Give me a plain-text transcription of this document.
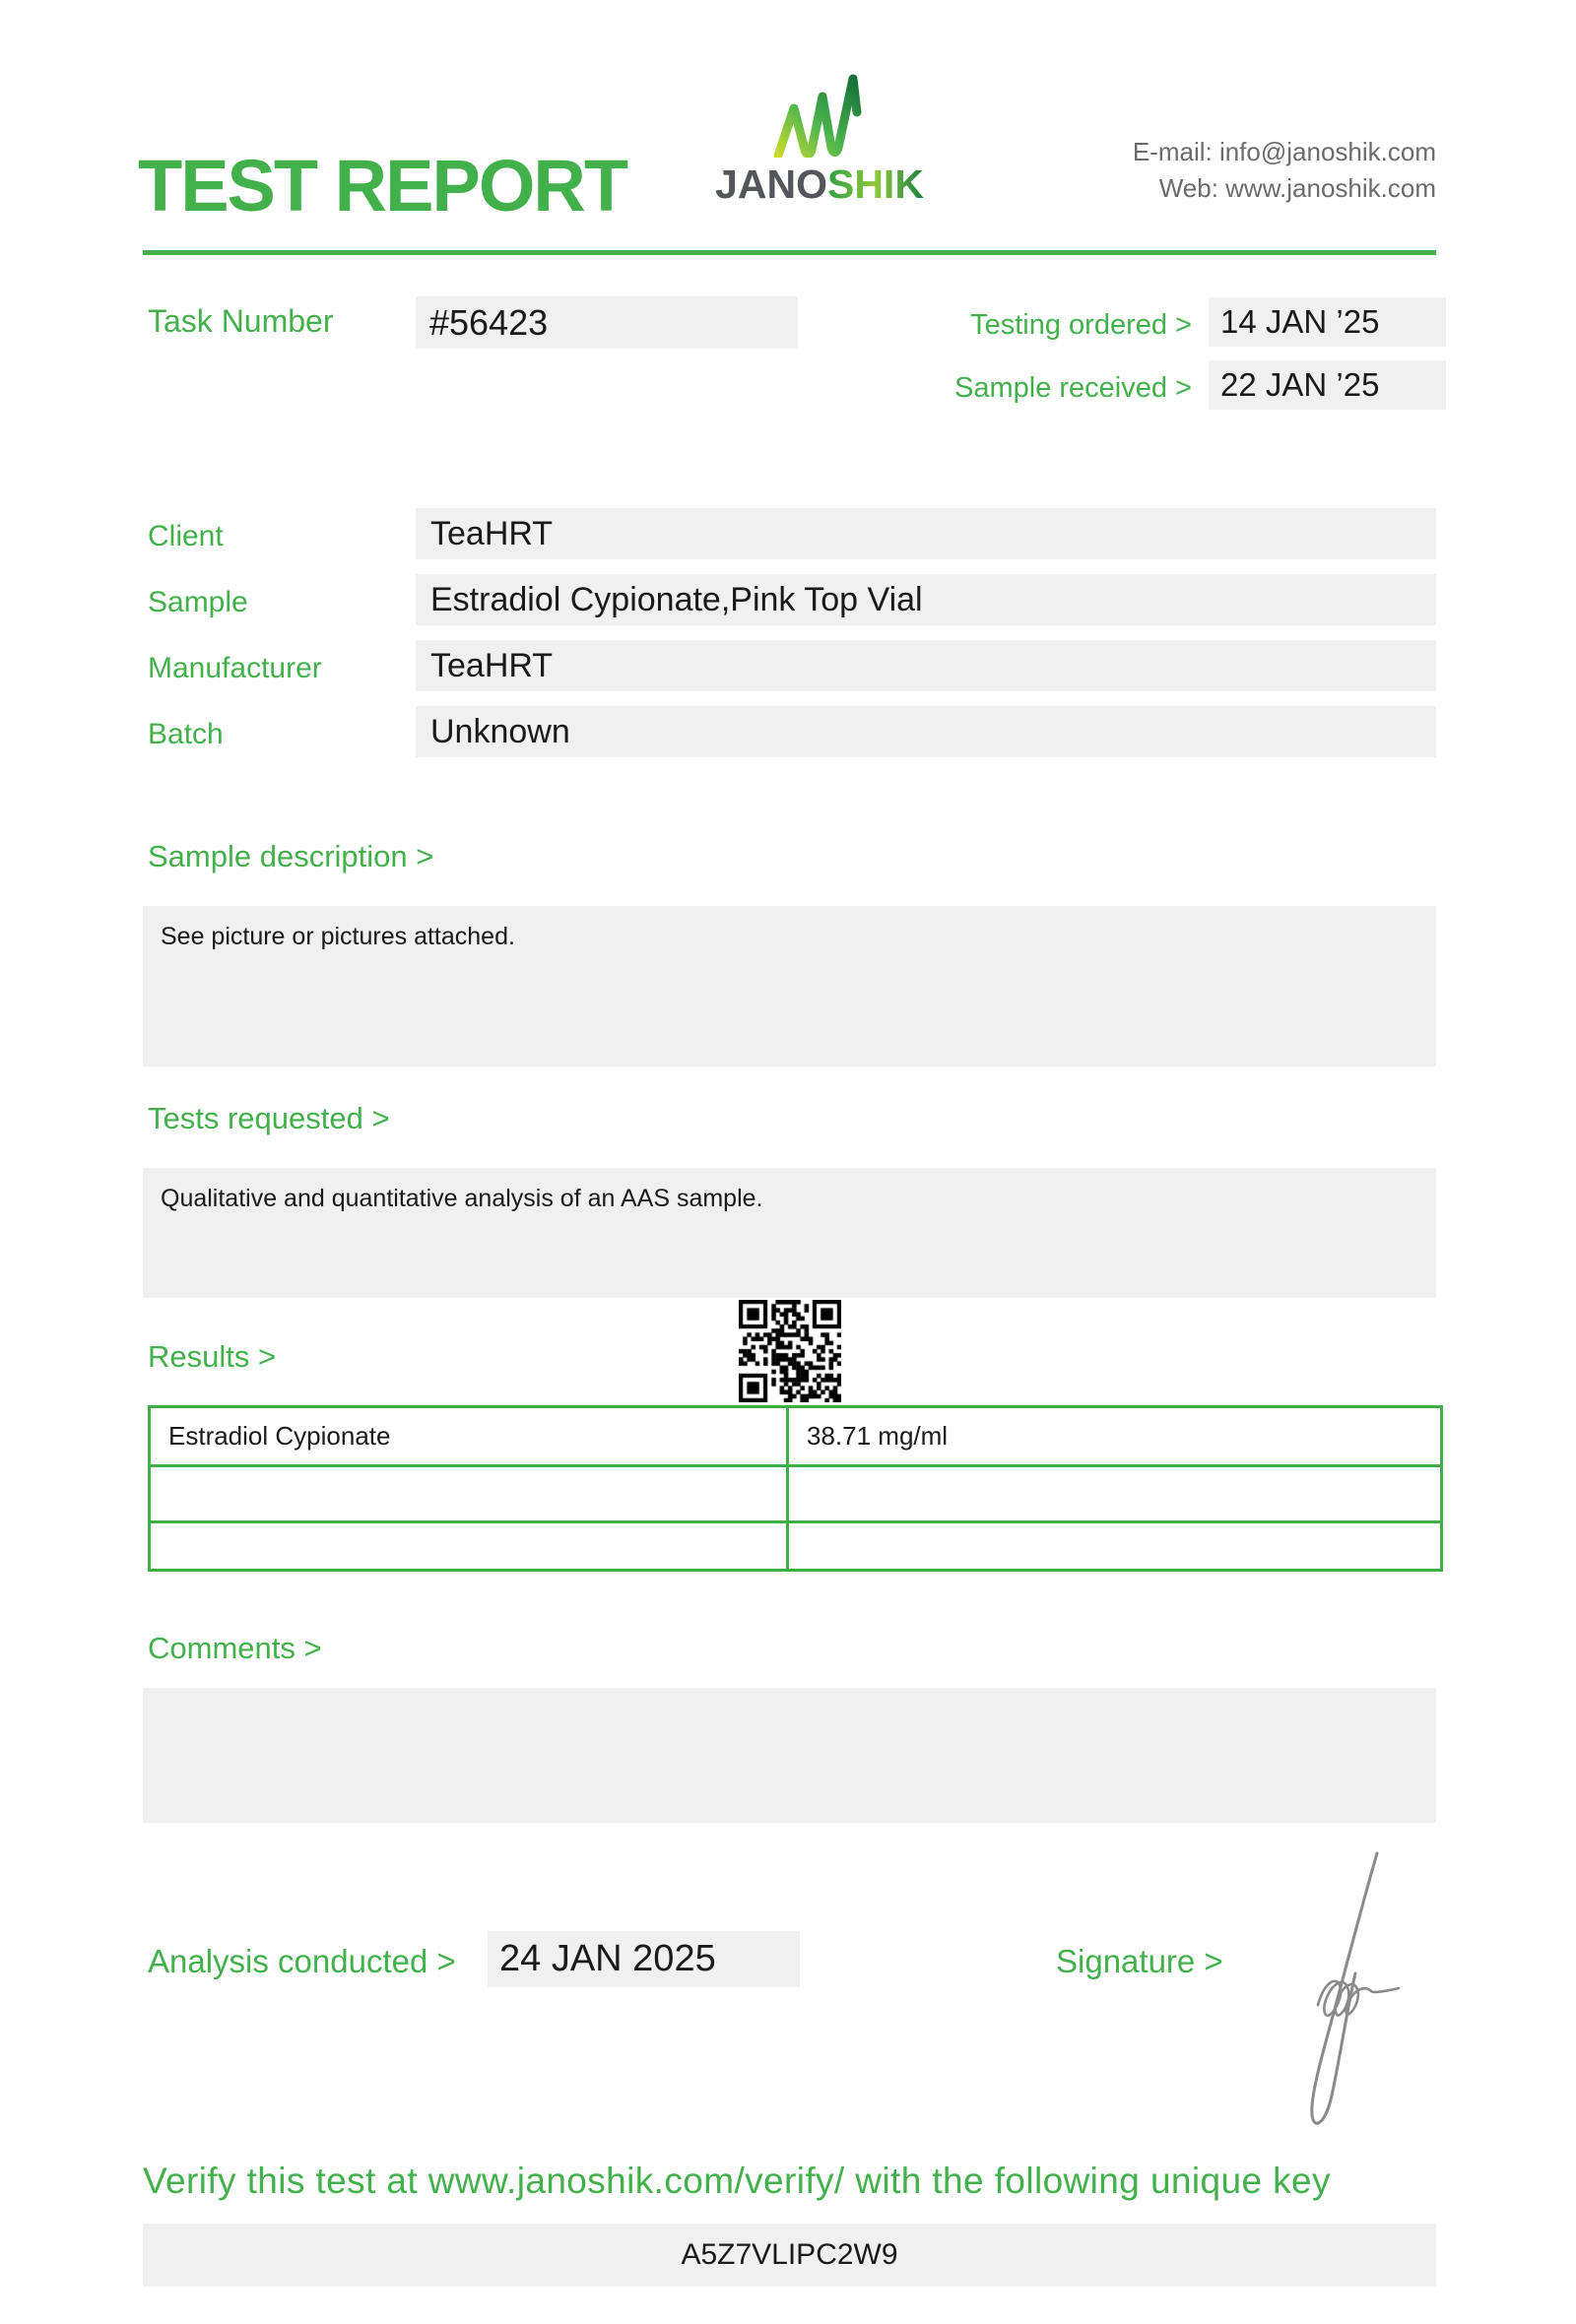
TEST REPORT	JANOSHIK
E-mail: info@janoshik.com
Web: www.janoshik.com
Task Number	#56423	Testing ordered > 14 JAN ’25
Sample received > 22 JAN ’25
Client	TeaHRT
Sample	Estradiol Cypionate,Pink Top Vial
Manufacturer	TeaHRT
Batch	Unknown
Sample description >
See picture or pictures attached.
Tests requested >
Qualitative and quantitative analysis of an AAS sample.
Results >
Estradiol Cypionate	38.71 mg/ml

Comments >
Analysis conducted >	24 JAN 2025	Signature >
Verify this test at www.janoshik.com/verify/ with the following unique key
A5Z7VLIPC2W9
